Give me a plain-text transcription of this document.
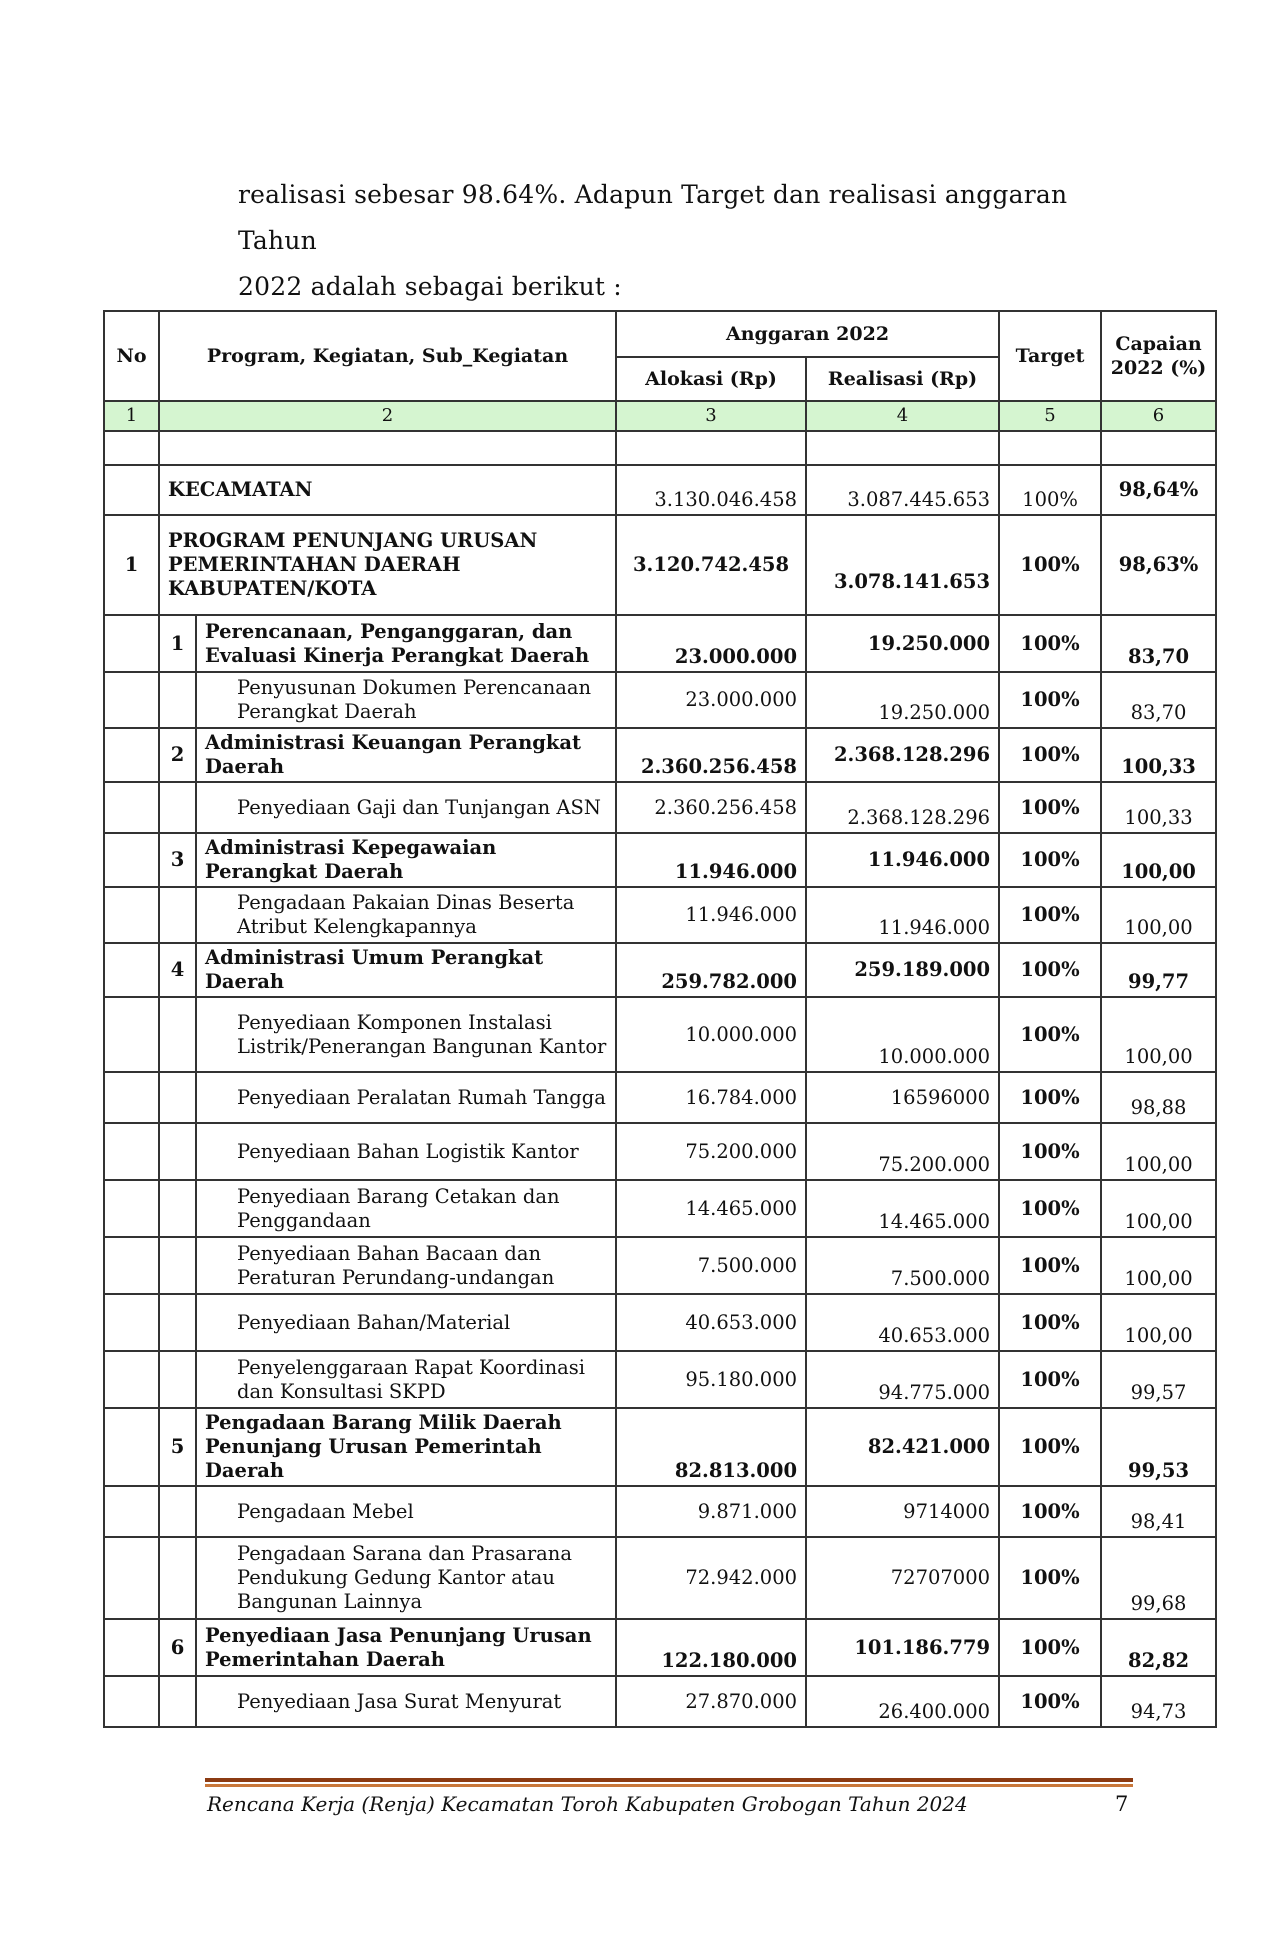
realisasi sebesar 98.64%. Adapun Target dan realisasi anggaran Tahun

2022 adalah sebagai berikut :

No	Program, Kegiatan, Sub_Kegiatan		Anggaran 2022		Target	Capaian 2022 (%)
			Alokasi (Rp)	Realisasi (Rp)		
1	2		3	4	5	6

	KECAMATAN		3.130.046.458	3.087.445.653	100%	98,64%
1	PROGRAM PENUNJANG URUSAN PEMERINTAHAN DAERAH KABUPATEN/KOTA		3.120.742.458	3.078.141.653	100%	98,63%
	1	Perencanaan, Penganggaran, dan Evaluasi Kinerja Perangkat Daerah	23.000.000	19.250.000	100%	83,70
		Penyusunan Dokumen Perencanaan Perangkat Daerah	23.000.000	19.250.000	100%	83,70
	2	Administrasi Keuangan Perangkat Daerah	2.360.256.458	2.368.128.296	100%	100,33
		Penyediaan Gaji dan Tunjangan ASN	2.360.256.458	2.368.128.296	100%	100,33
	3	Administrasi Kepegawaian Perangkat Daerah	11.946.000	11.946.000	100%	100,00
		Pengadaan Pakaian Dinas Beserta Atribut Kelengkapannya	11.946.000	11.946.000	100%	100,00
	4	Administrasi Umum Perangkat Daerah	259.782.000	259.189.000	100%	99,77
		Penyediaan Komponen Instalasi Listrik/Penerangan Bangunan Kantor	10.000.000	10.000.000	100%	100,00
		Penyediaan Peralatan Rumah Tangga	16.784.000	16596000	100%	98,88
		Penyediaan Bahan Logistik Kantor	75.200.000	75.200.000	100%	100,00
		Penyediaan Barang Cetakan dan Penggandaan	14.465.000	14.465.000	100%	100,00
		Penyediaan Bahan Bacaan dan Peraturan Perundang-undangan	7.500.000	7.500.000	100%	100,00
		Penyediaan Bahan/Material	40.653.000	40.653.000	100%	100,00
		Penyelenggaraan Rapat Koordinasi dan Konsultasi SKPD	95.180.000	94.775.000	100%	99,57
	5	Pengadaan Barang Milik Daerah Penunjang Urusan Pemerintah Daerah	82.813.000	82.421.000	100%	99,53
		Pengadaan Mebel	9.871.000	9714000	100%	98,41
		Pengadaan Sarana dan Prasarana Pendukung Gedung Kantor atau Bangunan Lainnya	72.942.000	72707000	100%	99,68
	6	Penyediaan Jasa Penunjang Urusan Pemerintahan Daerah	122.180.000	101.186.779	100%	82,82
		Penyediaan Jasa Surat Menyurat	27.870.000	26.400.000	100%	94,73
Rencana Kerja (Renja) Kecamatan Toroh Kabupaten Grobogan Tahun 2024	7
